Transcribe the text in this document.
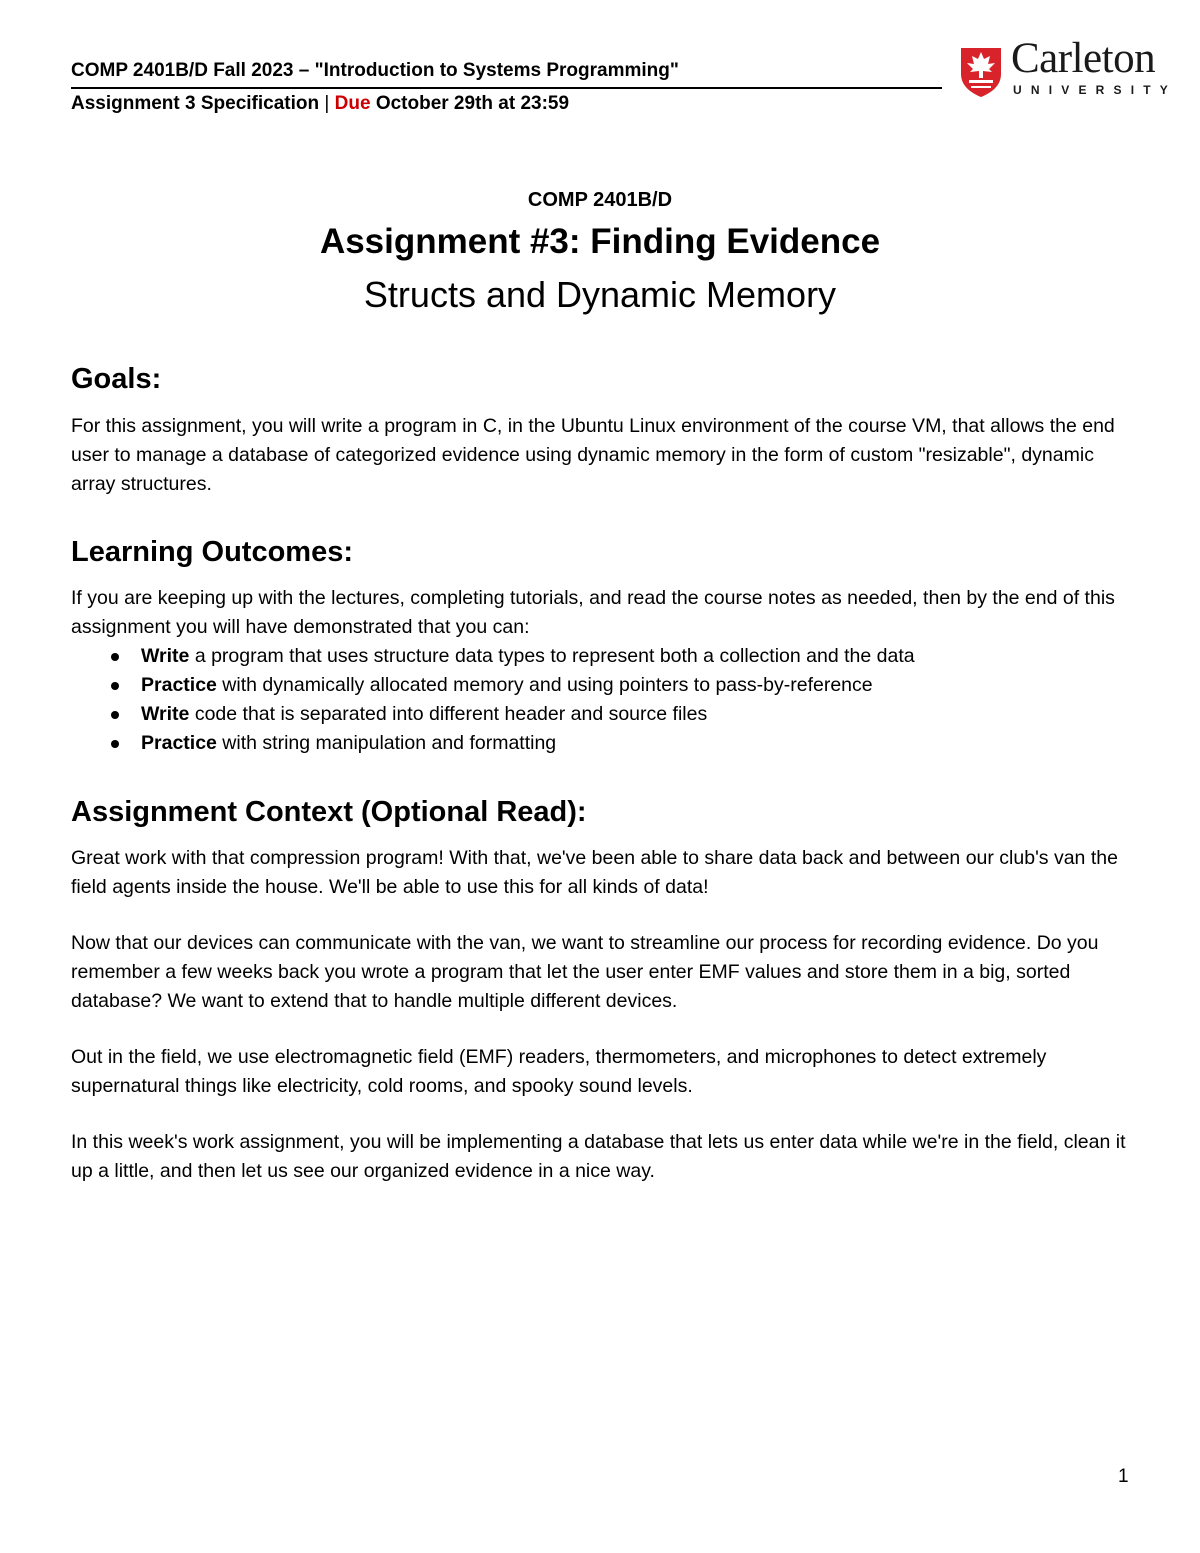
COMP 2401B/D Fall 2023 – "Introduction to Systems Programming"
Assignment 3 Specification | Due October 29th at 23:59
Carleton
UNIVERSITY
COMP 2401B/D
Assignment #3: Finding Evidence
Structs and Dynamic Memory
Goals:

For this assignment, you will write a program in C, in the Ubuntu Linux environment of the course VM, that allows the end user to manage a database of categorized evidence using dynamic memory in the form of custom "resizable", dynamic array structures.

Learning Outcomes:

If you are keeping up with the lectures, completing tutorials, and read the course notes as needed, then by the end of this assignment you will have demonstrated that you can:

Write a program that uses structure data types to represent both a collection and the data
Practice with dynamically allocated memory and using pointers to pass-by-reference
Write code that is separated into different header and source files
Practice with string manipulation and formatting
Assignment Context (Optional Read):

Great work with that compression program! With that, we've been able to share data back and between our club's van the field agents inside the house. We'll be able to use this for all kinds of data!

Now that our devices can communicate with the van, we want to streamline our process for recording evidence. Do you remember a few weeks back you wrote a program that let the user enter EMF values and store them in a big, sorted database? We want to extend that to handle multiple different devices.

Out in the field, we use electromagnetic field (EMF) readers, thermometers, and microphones to detect extremely supernatural things like electricity, cold rooms, and spooky sound levels.

In this week's work assignment, you will be implementing a database that lets us enter data while we're in the field, clean it up a little, and then let us see our organized evidence in a nice way.

1
